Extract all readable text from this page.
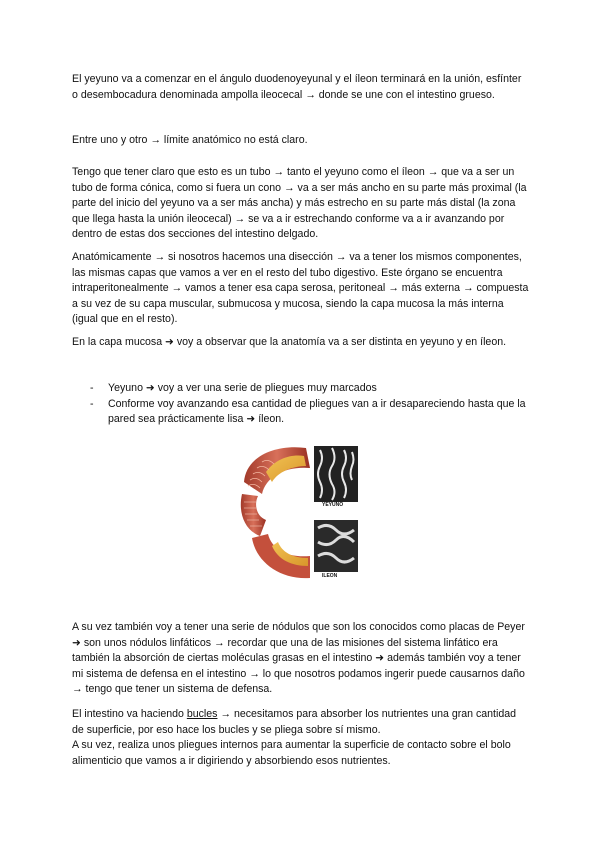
El yeyuno va a comenzar en el ángulo duodenoyeyunal y el íleon terminará en la unión, esfínter o desembocadura denominada ampolla ileocecal → donde se une con el intestino grueso.

Entre uno y otro → límite anatómico no está claro.

Tengo que tener claro que esto es un tubo → tanto el yeyuno como el íleon → que va a ser un tubo de forma cónica, como si fuera un cono → va a ser más ancho en su parte más proximal (la parte del inicio del yeyuno va a ser más ancha) y más estrecho en su parte más distal (la zona que llega hasta la unión ileocecal) → se va a ir estrechando conforme va a ir avanzando por dentro de estas dos secciones del intestino delgado.

Anatómicamente → si nosotros hacemos una disección → va a tener los mismos componentes, las mismas capas que vamos a ver en el resto del tubo digestivo. Este órgano se encuentra intraperitonealmente → vamos a tener esa capa serosa, peritoneal → más externa → compuesta a su vez de su capa muscular, submucosa y mucosa, siendo la capa mucosa la más interna (igual que en el resto).

En la capa mucosa ➜ voy a observar que la anatomía va a ser distinta en yeyuno y en íleon.

- Yeyuno ➜ voy a ver una serie de pliegues muy marcados
- Conforme voy avanzando esa cantidad de pliegues van a ir desapareciendo hasta que la pared sea prácticamente lisa ➜ íleon.
YEYUNO
ILEON

A su vez también voy a tener una serie de nódulos que son los conocidos como placas de Peyer ➜ son unos nódulos linfáticos → recordar que una de las misiones del sistema linfático era también la absorción de ciertas moléculas grasas en el intestino ➜ además también voy a tener mi sistema de defensa en el intestino → lo que nosotros podamos ingerir puede causarnos daño → tengo que tener un sistema de defensa.

El intestino va haciendo bucles → necesitamos para absorber los nutrientes una gran cantidad de superficie, por eso hace los bucles y se pliega sobre sí mismo.

A su vez, realiza unos pliegues internos para aumentar la superficie de contacto sobre el bolo alimenticio que vamos a ir digiriendo y absorbiendo esos nutrientes.
